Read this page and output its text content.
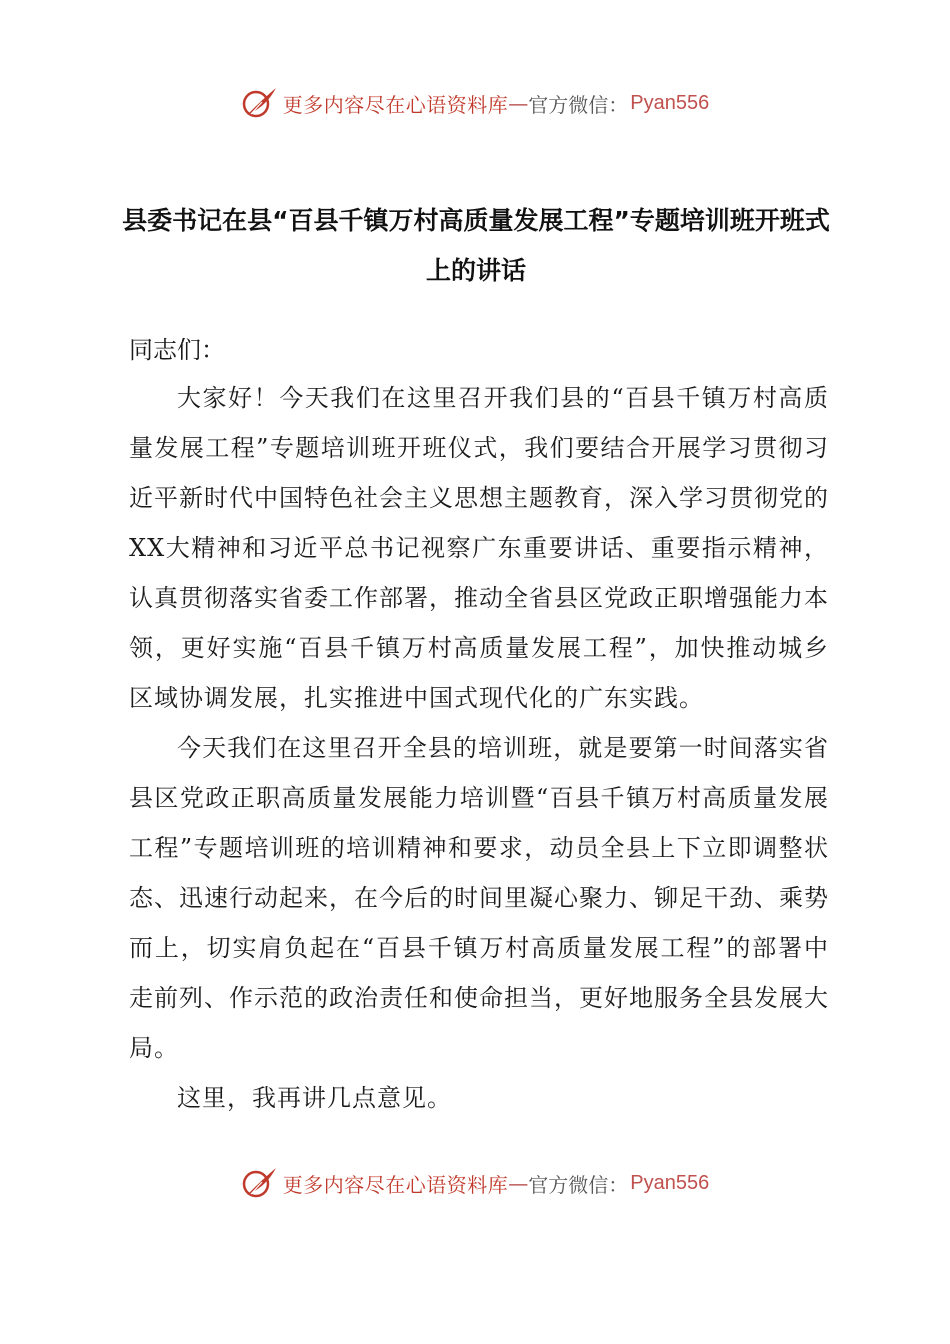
更多内容尽在心语资料库 — 官方微信： Pyan556
县委书记在县“百县千镇万村高质量发展工程”专题培训班开班式上的讲话

同志们：

大家好！今天我们在这里召开我们县的“百县千镇万村高质量发展工程”专题培训班开班仪式，我们要结合开展学习贯彻习近平新时代中国特色社会主义思想主题教育，深入学习贯彻党的XX大精神和习近平总书记视察广东重要讲话、重要指示精神，认真贯彻落实省委工作部署，推动全省县区党政正职增强能力本领，更好实施“百县千镇万村高质量发展工程”，加快推动城乡区域协调发展，扎实推进中国式现代化的广东实践。

今天我们在这里召开全县的培训班，就是要第一时间落实省县区党政正职高质量发展能力培训暨“百县千镇万村高质量发展工程”专题培训班的培训精神和要求，动员全县上下立即调整状态、迅速行动起来，在今后的时间里凝心聚力、铆足干劲、乘势而上，切实肩负起在“百县千镇万村高质量发展工程”的部署中走前列、作示范的政治责任和使命担当，更好地服务全县发展大局。

这里，我再讲几点意见。

更多内容尽在心语资料库 — 官方微信： Pyan556
